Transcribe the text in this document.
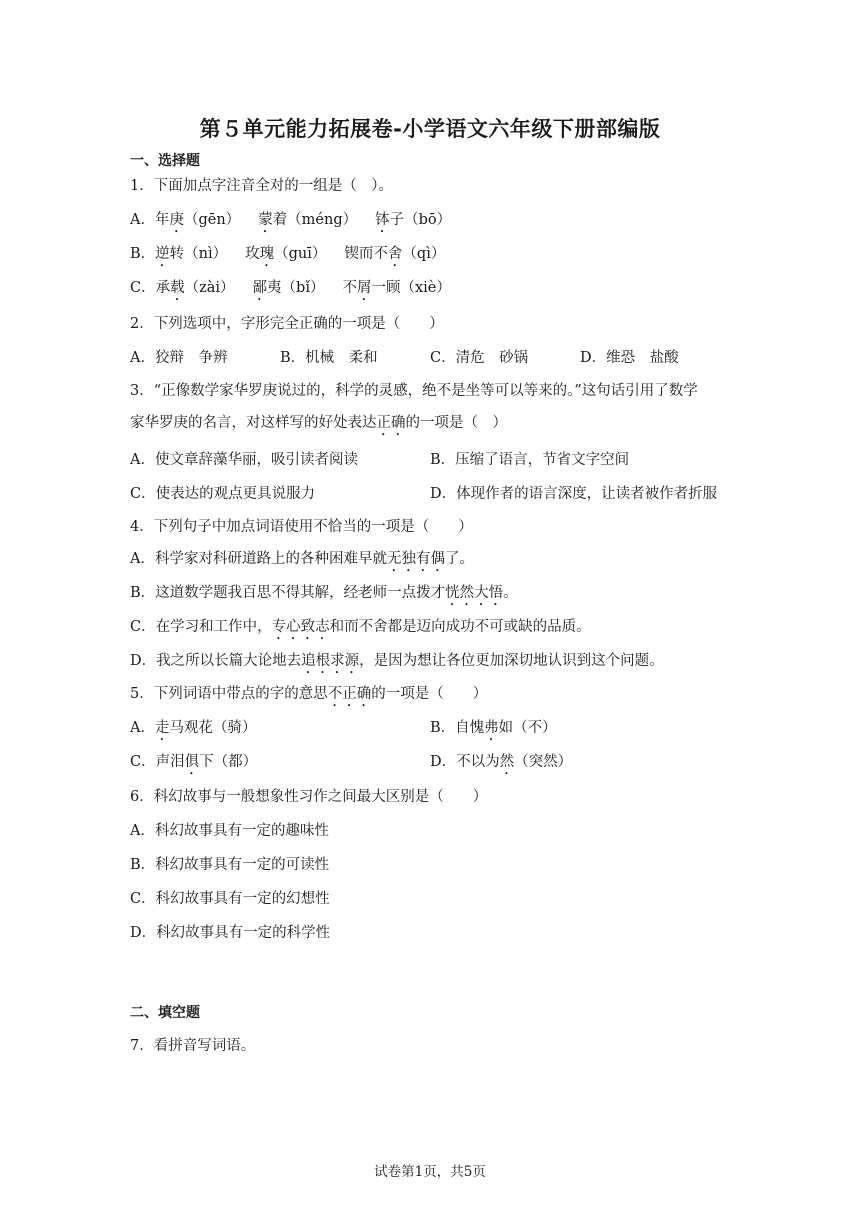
第５单元能力拓展卷-小学语文六年级下册部编版
一、选择题
1．下面加点字注音全对的一组是（　）。
A．年庚（gēn） 蒙着（méng） 钵子（bō）
B．逆转（nì） 玫瑰（guī） 锲而不舍（qì）
C．承载（zài） 鄙夷（bǐ） 不屑一顾（xiè）
2．下列选项中，字形完全正确的一项是（　　）
A．狡辩　争辨	B．机械　柔和	C．清危　砂锅	D．维恐　盐酸
3．“正像数学家华罗庚说过的，科学的灵感，绝不是坐等可以等来的。”这句话引用了数学
家华罗庚的名言，对这样写的好处表达正确的一项是（　）
A．使文章辞藻华丽，吸引读者阅读	B．压缩了语言，节省文字空间
C．使表达的观点更具说服力	D．体现作者的语言深度，让读者被作者折服
4．下列句子中加点词语使用不恰当的一项是（　　）
A．科学家对科研道路上的各种困难早就无独有偶了。
B．这道数学题我百思不得其解，经老师一点拨才恍然大悟。
C．在学习和工作中，专心致志和而不舍都是迈向成功不可或缺的品质。
D．我之所以长篇大论地去追根求源，是因为想让各位更加深切地认识到这个问题。
5．下列词语中带点的字的意思不正确的一项是（　　）
A．走马观花（骑）	B．自愧弗如（不）
C．声泪俱下（都）	D．不以为然（突然）
6．科幻故事与一般想象性习作之间最大区别是（　　）
A．科幻故事具有一定的趣味性
B．科幻故事具有一定的可读性
C．科幻故事具有一定的幻想性
D．科幻故事具有一定的科学性
二、填空题
7．看拼音写词语。
试卷第1页，共5页
